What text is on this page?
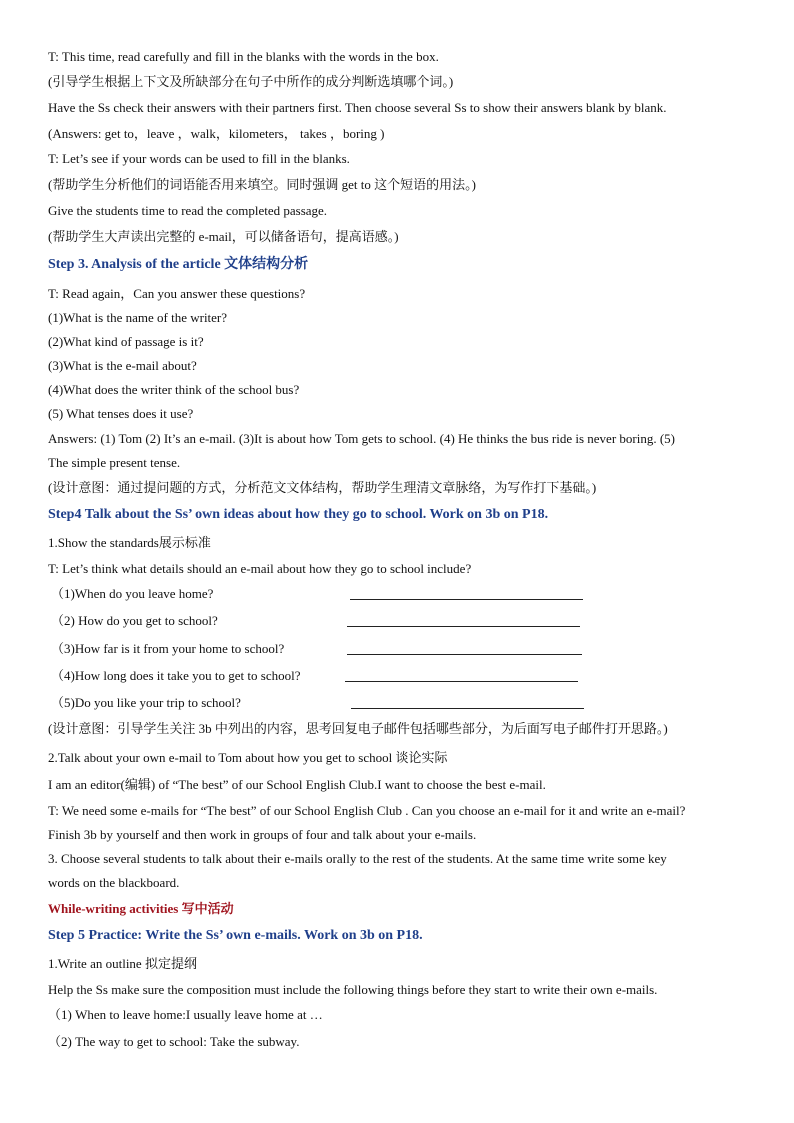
T: This time, read carefully and fill in the blanks with the words in the box.
(引导学生根据上下文及所缺部分在句子中所作的成分判断选填哪个词。)
Have the Ss check their answers with their partners first. Then choose several Ss to show their answers blank by blank.
(Answers: get to，leave ，walk，kilometers， takes ，boring )
T: Let’s see if your words can be used to fill in the blanks.
(帮助学生分析他们的词语能否用来填空。同时强调 get to 这个短语的用法。)
Give the students time to read the completed passage.
(帮助学生大声读出完整的 e-mail，可以储备语句，提高语感。)
Step 3. Analysis of the article 文体结构分析
T: Read again，Can you answer these questions?
(1)What is the name of the writer?
(2)What kind of passage is it?
(3)What is the e-mail about?
(4)What does the writer think of the school bus?
(5) What tenses does it use?
Answers: (1) Tom (2) It’s an e-mail. (3)It is about how Tom gets to school. (4) He thinks the bus ride is never boring. (5)
The simple present tense.
(设计意图：通过提问题的方式，分析范文文体结构，帮助学生理清文章脉络，为写作打下基础。)
Step4 Talk about the Ss’ own ideas about how they go to school. Work on 3b on P18.
1.Show the standards展示标准
T: Let’s think what details should an e-mail about how they go to school include?
（1)When do you leave home?
（2) How do you get to school?
（3)How far is it from your home to school?
（4)How long does it take you to get to school?
（5)Do you like your trip to school?
(设计意图：引导学生关注 3b 中列出的内容，思考回复电子邮件包括哪些部分，为后面写电子邮件打开思路。)
2.Talk about your own e-mail to Tom about how you get to school 谈论实际
I am an editor(编辑) of “The best” of our School English Club.I want to choose the best e-mail.
T: We need some e-mails for “The best” of our School English Club . Can you choose an e-mail for it and write an e-mail?
Finish 3b by yourself and then work in groups of four and talk about your e-mails.
3. Choose several students to talk about their e-mails orally to the rest of the students. At the same time write some key
words on the blackboard.
While-writing activities 写中活动
Step 5 Practice: Write the Ss’ own e-mails. Work on 3b on P18.
1.Write an outline 拟定提纲
Help the Ss make sure the composition must include the following things before they start to write their own e-mails.
（1) When to leave home:I usually leave home at …
（2) The way to get to school: Take the subway.
